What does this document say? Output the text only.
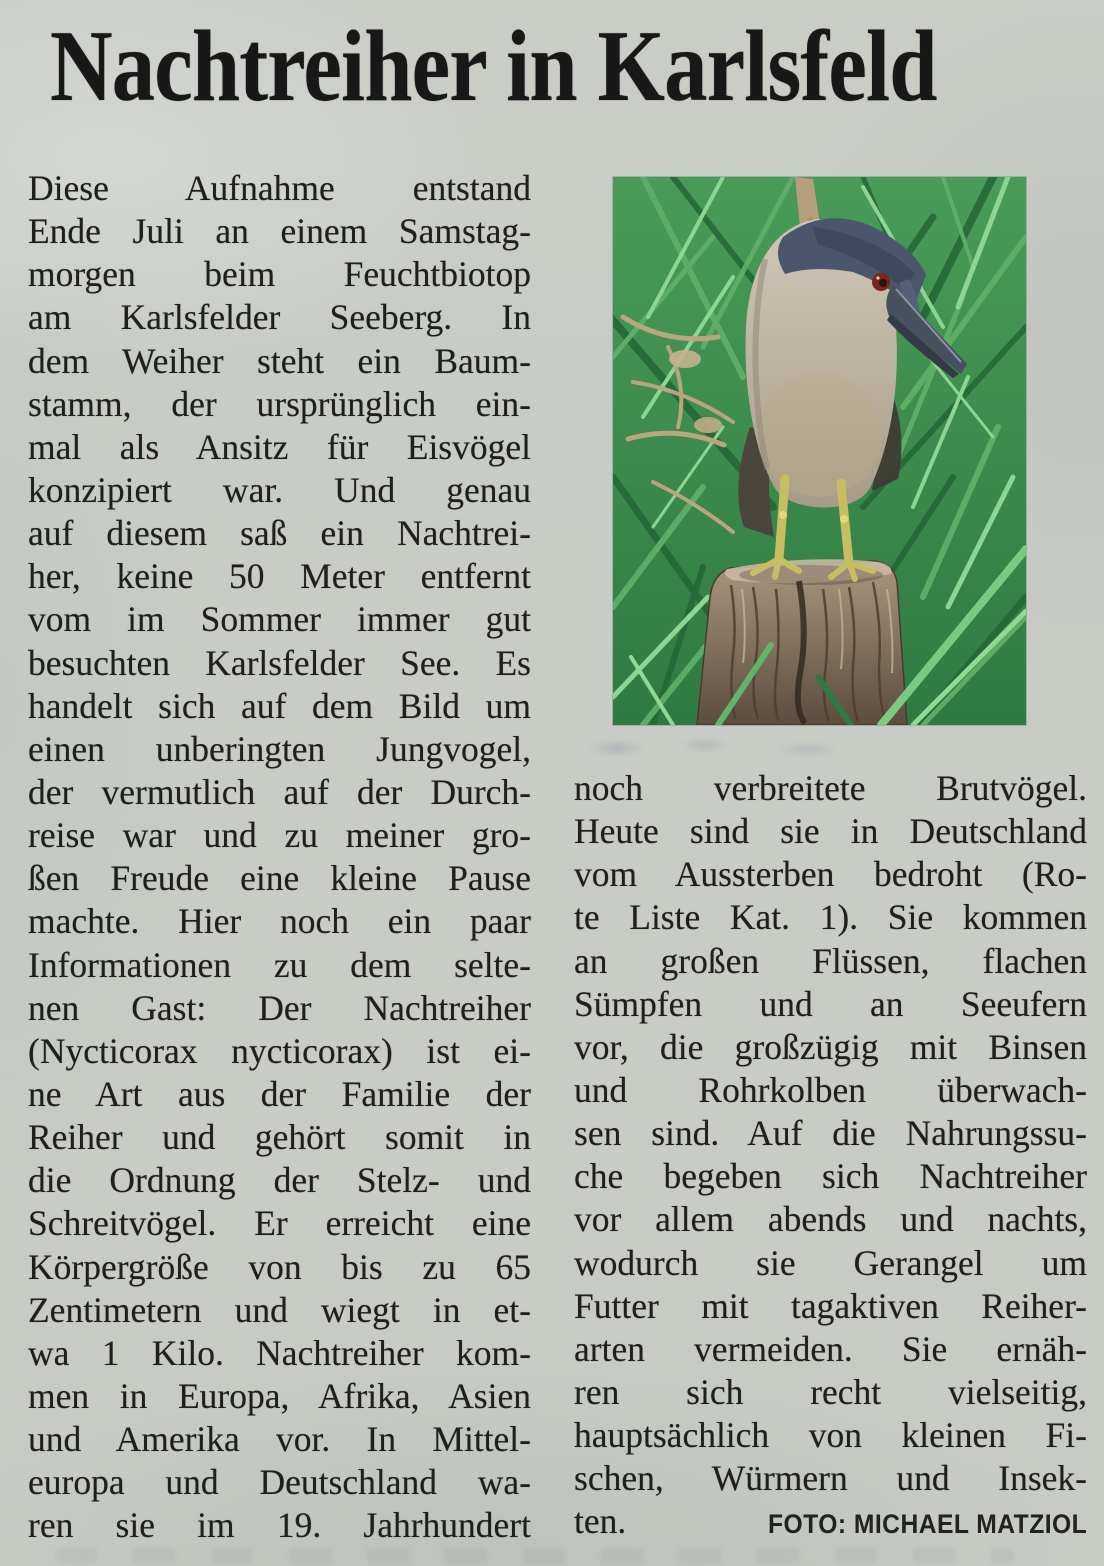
Nachtreiher in Karlsfeld
Diese Aufnahme entstand
Ende Juli an einem Samstag-
morgen beim Feuchtbiotop
am Karlsfelder Seeberg. In
dem Weiher steht ein Baum-
stamm, der ursprünglich ein-
mal als Ansitz für Eisvögel
konzipiert war. Und genau
auf diesem saß ein Nachtrei-
her, keine 50 Meter entfernt
vom im Sommer immer gut
besuchten Karlsfelder See. Es
handelt sich auf dem Bild um
einen unberingten Jungvogel,
der vermutlich auf der Durch-
reise war und zu meiner gro-
ßen Freude eine kleine Pause
machte. Hier noch ein paar
Informationen zu dem selte-
nen Gast: Der Nachtreiher
(Nycticorax nycticorax) ist ei-
ne Art aus der Familie der
Reiher und gehört somit in
die Ordnung der Stelz- und
Schreitvögel. Er erreicht eine
Körpergröße von bis zu 65
Zentimetern und wiegt in et-
wa 1 Kilo. Nachtreiher kom-
men in Europa, Afrika, Asien
und Amerika vor. In Mittel-
europa und Deutschland wa-
ren sie im 19. Jahrhundert
noch verbreitete Brutvögel.
Heute sind sie in Deutschland
vom Aussterben bedroht (Ro-
te Liste Kat. 1). Sie kommen
an großen Flüssen, flachen
Sümpfen und an Seeufern
vor, die großzügig mit Binsen
und Rohrkolben überwach-
sen sind. Auf die Nahrungssu-
che begeben sich Nachtreiher
vor allem abends und nachts,
wodurch sie Gerangel um
Futter mit tagaktiven Reiher-
arten vermeiden. Sie ernäh-
ren sich recht vielseitig,
hauptsächlich von kleinen Fi-
schen, Würmern und Insek-
ten.	FOTO: MICHAEL MATZIOL
